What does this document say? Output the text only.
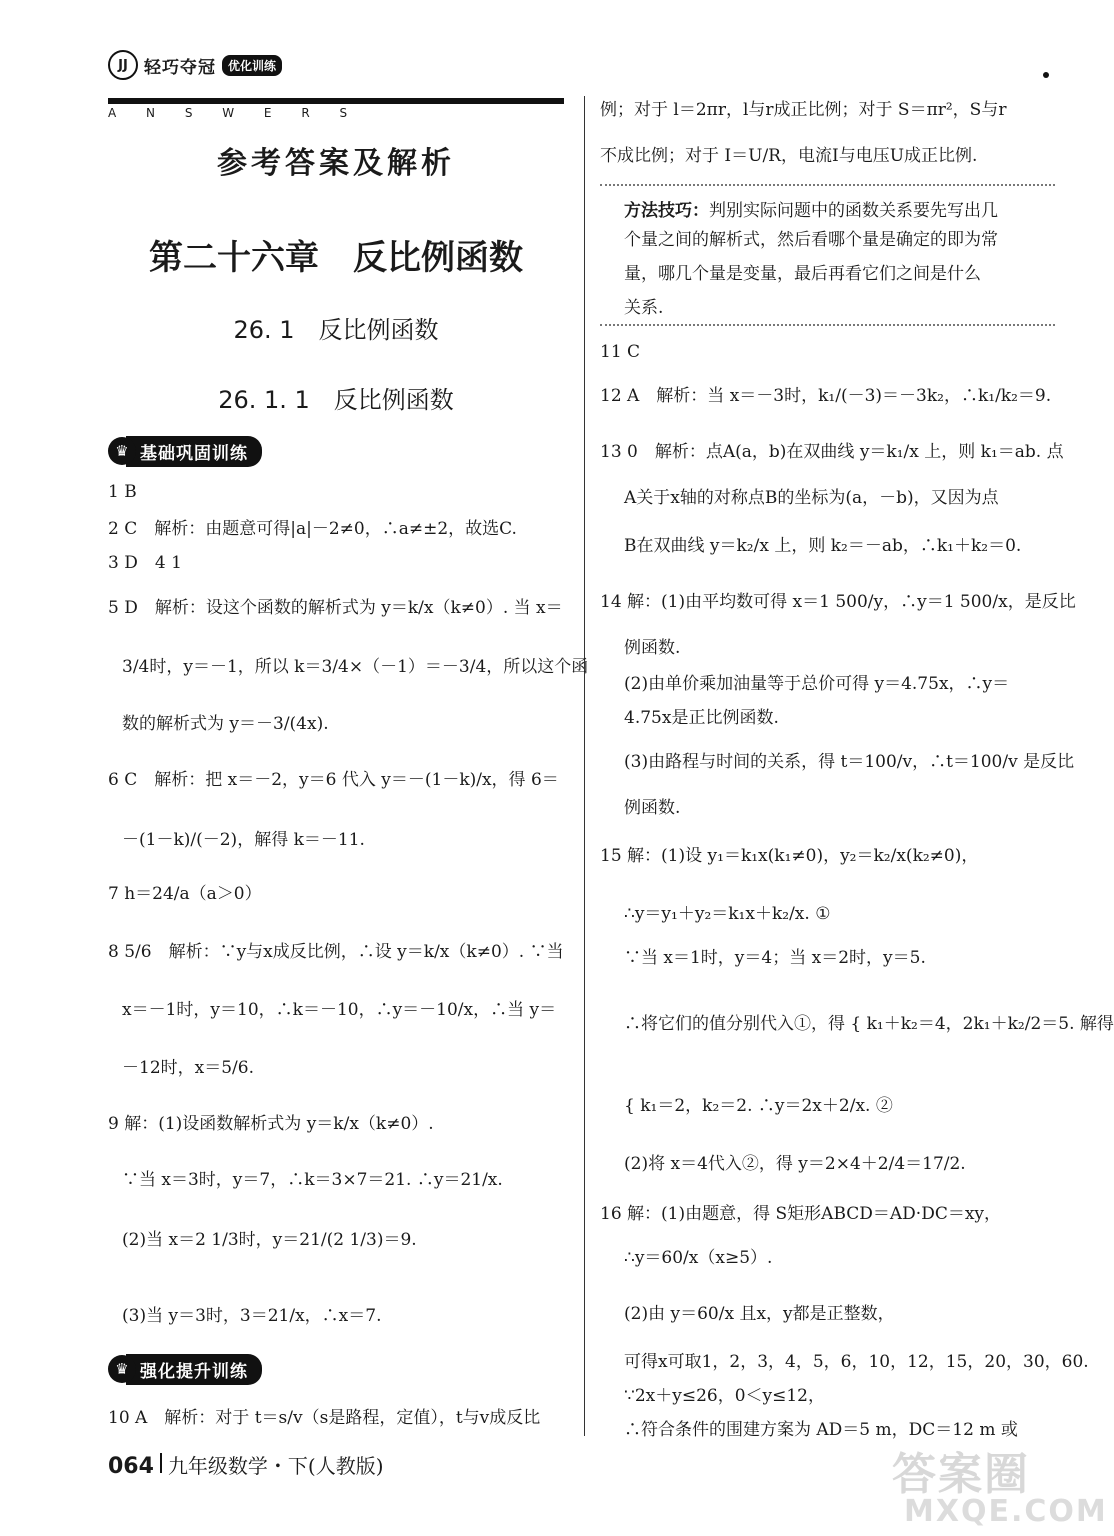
JJ 轻巧夺冠	优化训练
A N S W E R S
参考答案及解析
第二十六章　反比例函数
26. 1　反比例函数
26. 1. 1　反比例函数
♛ 基础巩固训练
1 B
2 C　解析：由题意可得|a|－2≠0，∴a≠±2，故选C.
3 D　4 1
5 D　解析：设这个函数的解析式为 y＝k/x（k≠0）. 当 x＝
3/4时，y＝－1，所以 k＝3/4×（－1）＝－3/4，所以这个函
数的解析式为 y＝－3/(4x).
6 C　解析：把 x＝－2，y＝6 代入 y＝－(1－k)/x，得 6＝
－(1－k)/(－2)，解得 k＝－11.
7 h＝24/a（a＞0）
8 5/6　解析：∵y与x成反比例，∴设 y＝k/x（k≠0）. ∵当
x＝－1时，y＝10，∴k＝－10，∴y＝－10/x，∴当 y＝
－12时，x＝5/6.
9 解：(1)设函数解析式为 y＝k/x（k≠0）.
∵当 x＝3时，y＝7，∴k＝3×7＝21. ∴y＝21/x.
(2)当 x＝2 1/3时，y＝21/(2 1/3)＝9.
(3)当 y＝3时，3＝21/x，∴x＝7.
♛ 强化提升训练
10 A　解析：对于 t＝s/v（s是路程，定值），t与v成反比
例；对于 l＝2πr，l与r成正比例；对于 S＝πr²，S与r
不成比例；对于 I＝U/R，电流I与电压U成正比例.
方法技巧：判别实际问题中的函数关系要先写出几
个量之间的解析式，然后看哪个量是确定的即为常
量，哪几个量是变量，最后再看它们之间是什么
关系.
11 C
12 A　解析：当 x＝－3时，k₁/(－3)＝－3k₂，∴k₁/k₂＝9.
13 0　解析：点A(a，b)在双曲线 y＝k₁/x 上，则 k₁＝ab. 点
A关于x轴的对称点B的坐标为(a，－b)，又因为点
B在双曲线 y＝k₂/x 上，则 k₂＝－ab，∴k₁＋k₂＝0.
14 解：(1)由平均数可得 x＝1 500/y，∴y＝1 500/x，是反比
例函数.
(2)由单价乘加油量等于总价可得 y＝4.75x，∴y＝
4.75x是正比例函数.
(3)由路程与时间的关系，得 t＝100/v，∴t＝100/v 是反比
例函数.
15 解：(1)设 y₁＝k₁x(k₁≠0)，y₂＝k₂/x(k₂≠0)，
∴y＝y₁＋y₂＝k₁x＋k₂/x. ①
∵当 x＝1时，y＝4；当 x＝2时，y＝5.
∴将它们的值分别代入①，得 { k₁＋k₂＝4，2k₁＋k₂/2＝5. 解得
{ k₁＝2，k₂＝2. ∴y＝2x＋2/x. ②
(2)将 x＝4代入②，得 y＝2×4＋2/4＝17/2.
16 解：(1)由题意，得 S矩形ABCD＝AD·DC＝xy，
∴y＝60/x（x≥5）.
(2)由 y＝60/x 且x，y都是正整数，
可得x可取1，2，3，4，5，6，10，12，15，20，30，60.
∵2x＋y≤26，0＜y≤12，
∴符合条件的围建方案为 AD＝5 m，DC＝12 m 或
064 九年级数学・下(人教版)	答案圈
MXQE.COM
